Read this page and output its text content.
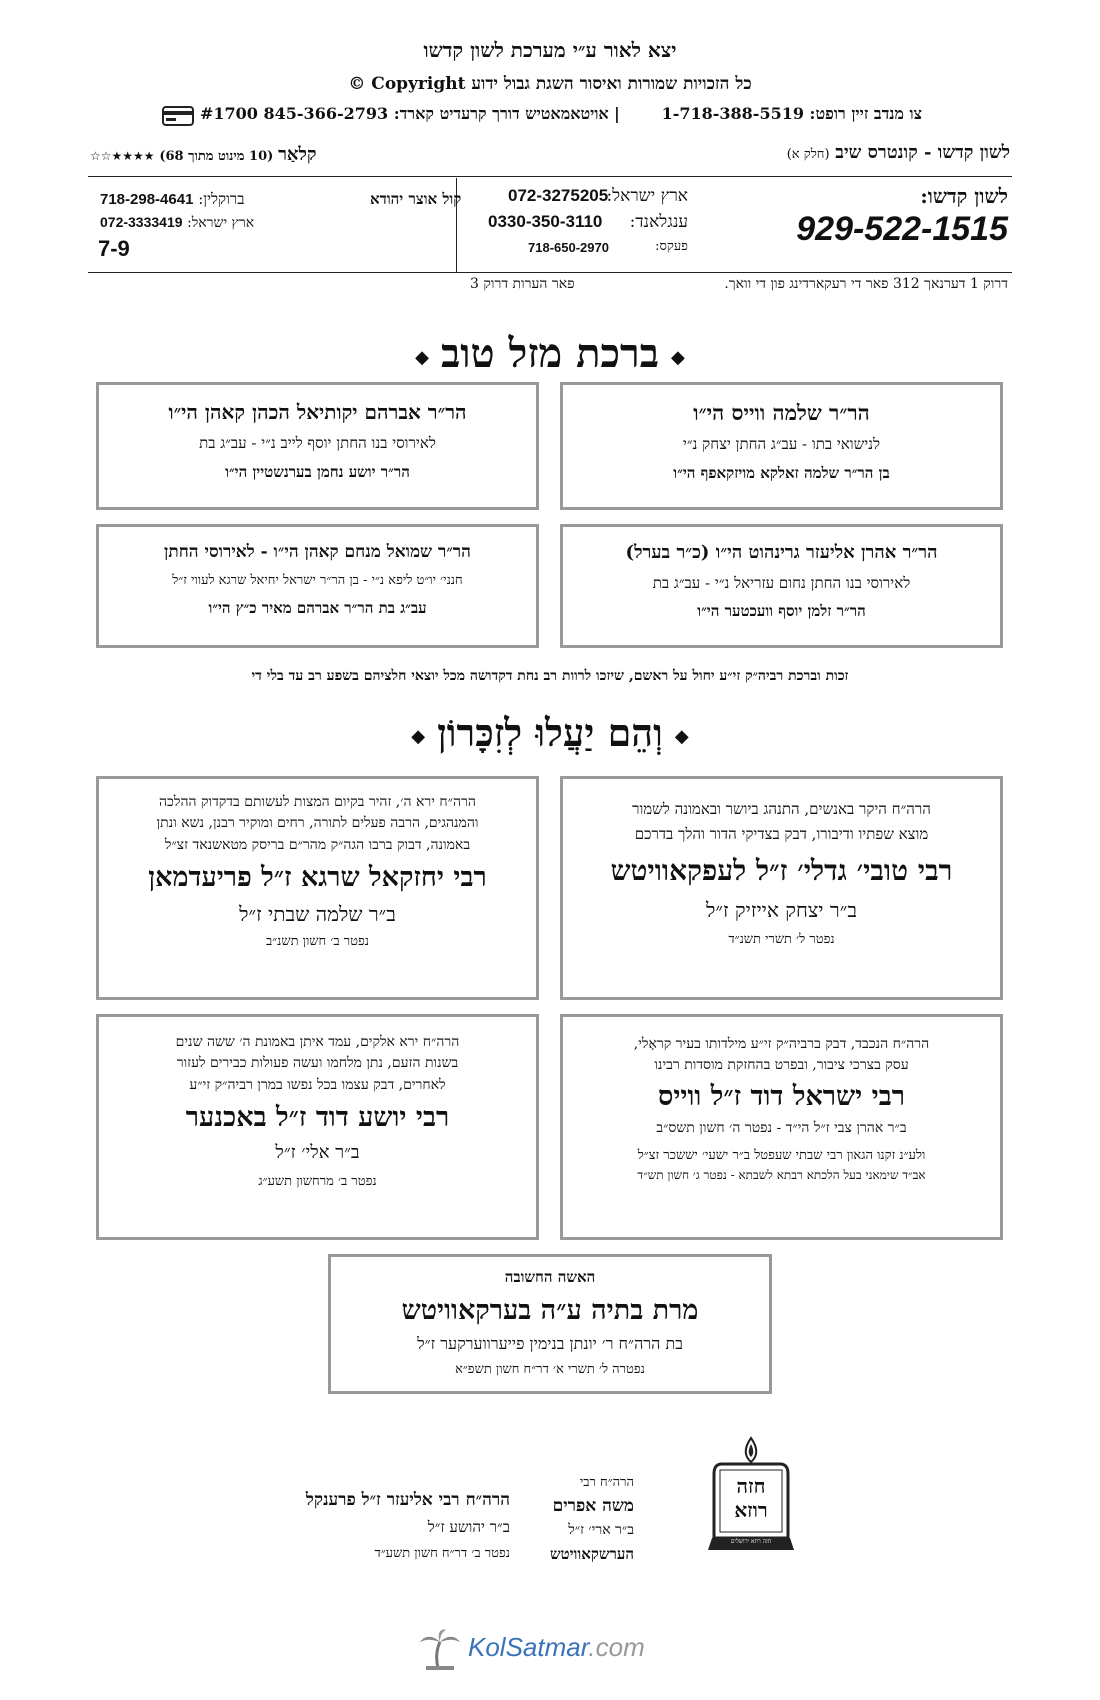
יצא לאור ע״י מערכת לשון קדשו
כל הזכויות שמורות ואיסור השגת גבול ידוע Copyright ©
צו מנדב זיין רופט: 1-718-388-5519
|
אויטאמאטיש דורך קרעדיט קארד: 845-366-2793 #1700
לשון קדשו - קונטרס שיב (חלק א)
קלאַר (10 מינוט מתוך 68) ★★★★☆☆
לשון קדשו:
929-522-1515
ארץ ישראל:
072-3275205
ענגלאנד:
0330-350-3110
פעקס:
718-650-2970
קול אוצר יהודא
ברוקלין: 718-298-4641
ארץ ישראל: 072-3333419
7-9
דרוק 1 דערנאך 312 פאר די רעקארדינג פון די וואך.
פאר הערות דרוק 3
◆ברכת מזל טוב◆
הר״ר שלמה ווייס הי״ו
לנישואי בתו - עב״ג החתן יצחק נ״י
בן הר״ר שלמה זאלקא מויזקאפף הי״ו
הר״ר אברהם יקותיאל הכהן קאהן הי״ו
לאירוסי בנו החתן יוסף לייב נ״י - עב״ג בת
הר״ר יושע נחמן בערנשטיין הי״ו
הר״ר אהרן אליעזר גרינהוט הי״ו (כ״ר בערל)
לאירוסי בנו החתן נחום עזריאל נ״י - עב״ג בת
הר״ר זלמן יוסף וועכטער הי״ו
הר״ר שמואל מנחם קאהן הי״ו - לאירוסי החתן
חנני׳ יו״ט ליפא נ״י - בן הר״ר ישראל יחיאל שרגא לעווי ז״ל
עב״ג בת הר״ר אברהם מאיר כ״ץ הי״ו
זכות וברכת רביה״ק זי״ע יחול על ראשם, שיזכו לרוות רב נחת דקדושה מכל יוצאי חלציהם בשפע רב עד בלי די
◆וְהֵם יַעֲלוּ לְזִכָּרוֹן◆
הרה״ח היקר באנשים, התנהג ביושר ובאמונה לשמור
מוצא שפתיו ודיבורו, דבק בצדיקי הדור והלך בדרכם
רבי טובי׳ גדלי׳ ז״ל לעפקאוויטש
ב״ר יצחק אייזיק ז״ל
נפטר ל׳ תשרי תשנ״ד
הרה״ח ירא ה׳, זהיר בקיום המצות לעשותם בדקדוק ההלכה
והמנהגים, הרבה פעלים לתורה, רחים ומוקיר רבנן, נשא ונתן
באמונה, דבוק ברבו הגה״ק מהר״ם בריסק מטאשנאד זצ״ל
רבי יחזקאל שרגא ז״ל פריעדמאן
ב״ר שלמה שבתי ז״ל
נפטר ב׳ חשון תשנ״ב
הרה״ח הנכבד, דבק ברביה״ק זי״ע מילדותו בעיר קראָלי,
עסק בצרכי ציבור, ובפרט בהחזקת מוסדות רבינו
רבי ישראל דוד ז״ל ווייס
ב״ר אהרן צבי ז״ל הי״ד - נפטר ה׳ חשון תשס״ב
ולע״נ זקנו הגאון רבי שבתי שעפטל ב״ר ישעי׳ יששכר זצ״ל
אב״ד שימאני בעל הלכתא רבתא לשבתא - נפטר ג׳ חשון תש״ד
הרה״ח ירא אלקים, עמד איתן באמונת ה׳ ששה שנים
בשנות הזעם, נתן מלחמו ועשה פעולות כבירים לעזור
לאחרים, דבק עצמו בכל נפשו במרן רביה״ק זי״ע
רבי יושע דוד ז״ל באכנער
ב״ר אלי׳ ז״ל
נפטר ב׳ מרחשון תשע״ג
האשה החשובה
מרת בתיה ע״ה בערקאוויטש
בת הרה״ח ר׳ יונתן בנימין פייערווערקער ז״ל
נפטרה ל׳ תשרי א׳ דר״ח חשון תשפ״א
חזה
רוזא
חזה רוזא ירושלים
הרה״ח רבי
משה אפרים
ב״ר ארי׳ ז״ל
הערשקאוויטש
הרה״ח רבי אליעזר ז״ל פרענקל
ב״ר יהושע ז״ל
נפטר ב׳ דר״ח חשון תשע״ד
KolSatmar.com
